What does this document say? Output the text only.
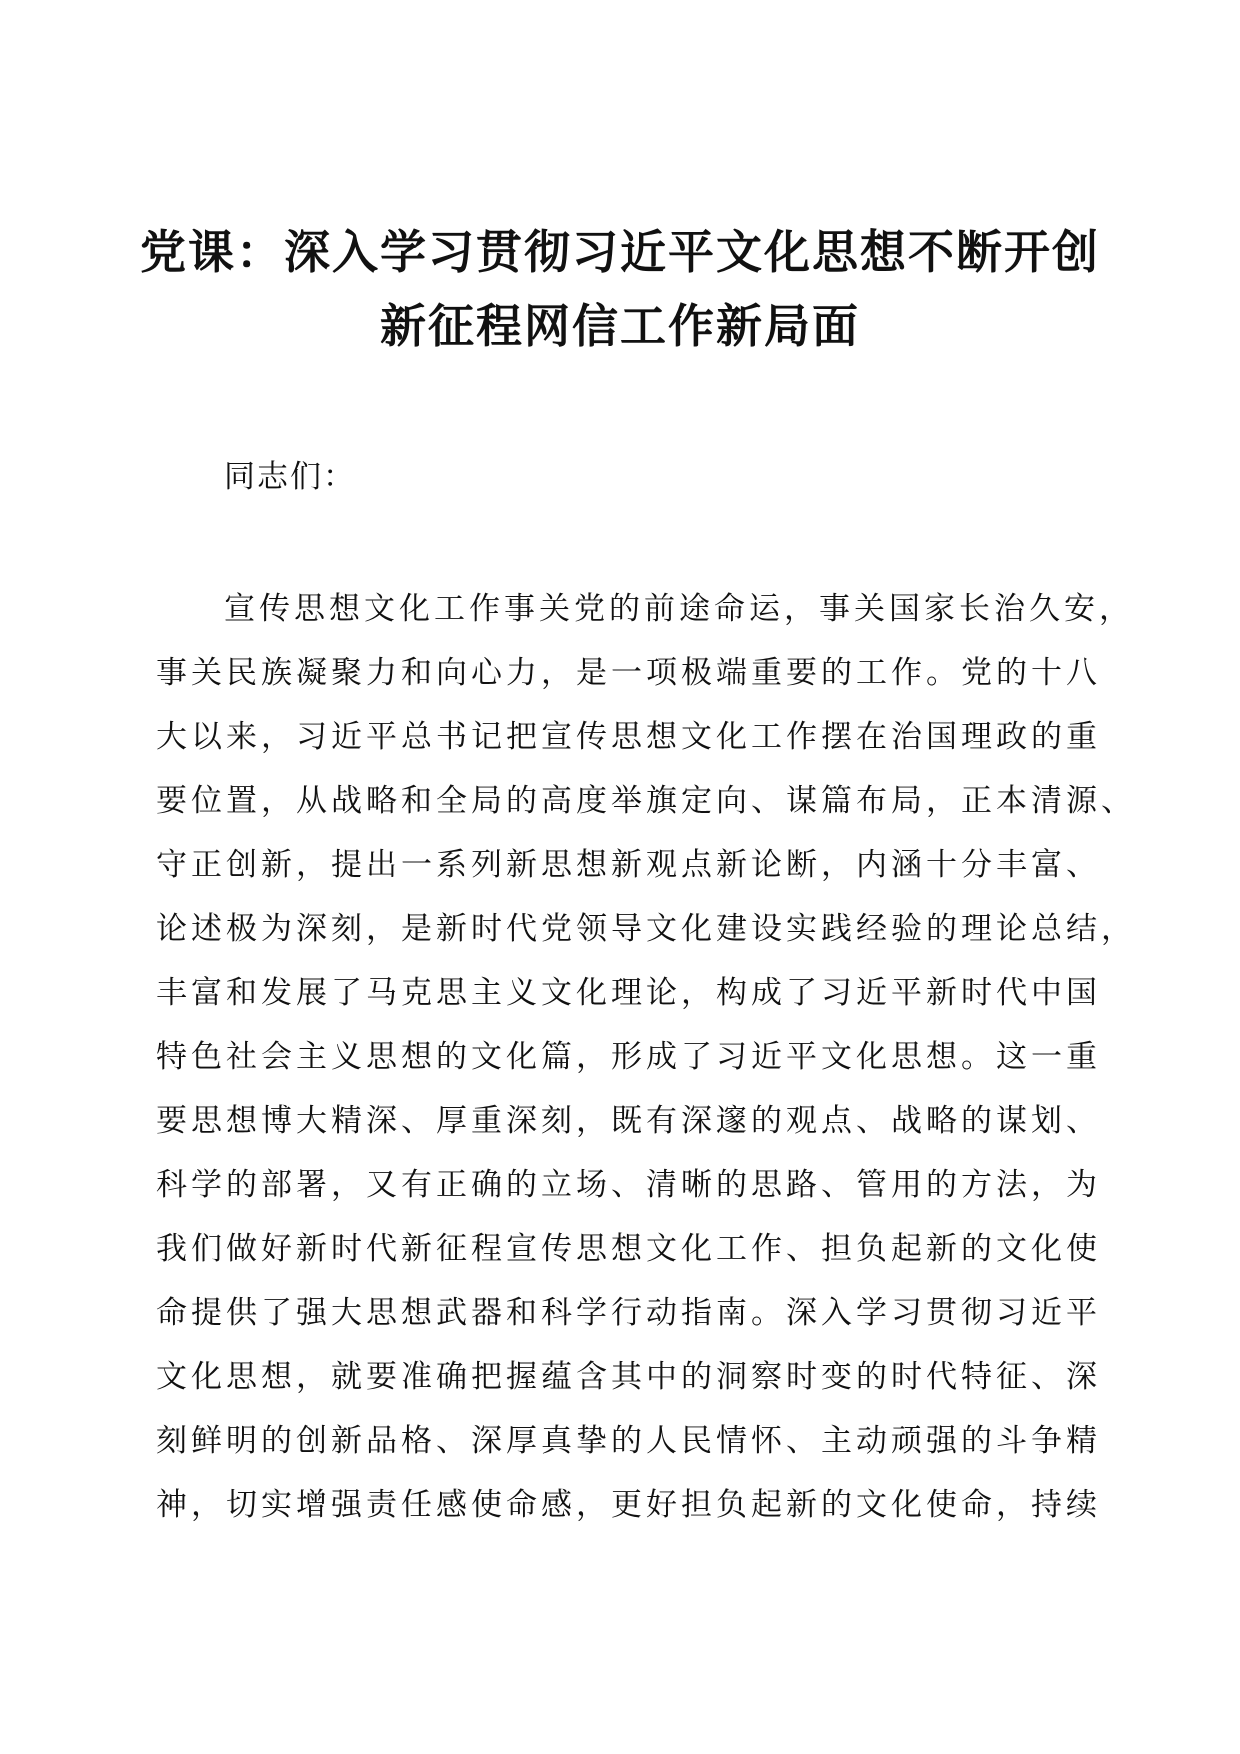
党课：深入学习贯彻习近平文化思想不断开创
新征程网信工作新局面

同志们：

宣传思想文化工作事关党的前途命运，事关国家长治久安，
事关民族凝聚力和向心力，是一项极端重要的工作。党的十八
大以来，习近平总书记把宣传思想文化工作摆在治国理政的重
要位置，从战略和全局的高度举旗定向、谋篇布局，正本清源、
守正创新，提出一系列新思想新观点新论断，内涵十分丰富、
论述极为深刻，是新时代党领导文化建设实践经验的理论总结，
丰富和发展了马克思主义文化理论，构成了习近平新时代中国
特色社会主义思想的文化篇，形成了习近平文化思想。这一重
要思想博大精深、厚重深刻，既有深邃的观点、战略的谋划、
科学的部署，又有正确的立场、清晰的思路、管用的方法，为
我们做好新时代新征程宣传思想文化工作、担负起新的文化使
命提供了强大思想武器和科学行动指南。深入学习贯彻习近平
文化思想，就要准确把握蕴含其中的洞察时变的时代特征、深
刻鲜明的创新品格、深厚真挚的人民情怀、主动顽强的斗争精
神，切实增强责任感使命感，更好担负起新的文化使命，持续
